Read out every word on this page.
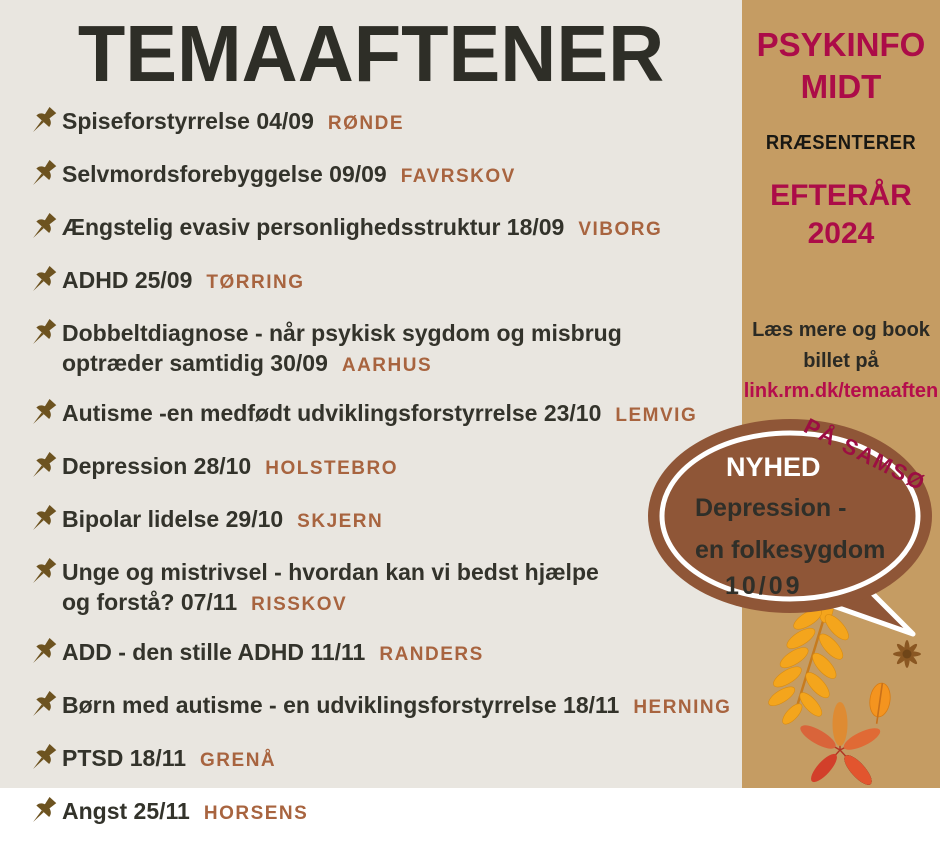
TEMAAFTENER
Spiseforstyrrelse 04/09 RØNDE
Selvmordsforebyggelse 09/09 FAVRSKOV
Ængstelig evasiv personlighedsstruktur 18/09 VIBORG
ADHD 25/09 TØRRING
Dobbeltdiagnose - når psykisk sygdom og misbrug
optræder samtidig 30/09 AARHUS
Autisme -en medfødt udviklingsforstyrrelse 23/10 LEMVIG
Depression 28/10 HOLSTEBRO
Bipolar lidelse 29/10 SKJERN
Unge og mistrivsel - hvordan kan vi bedst hjælpe
og forstå? 07/11 RISSKOV
ADD - den stille ADHD 11/11 RANDERS
Børn med autisme - en udviklingsforstyrrelse 18/11 HERNING
PTSD 18/11 GRENÅ
Angst 25/11 HORSENS
PSYKINFO
MIDT
RRÆSENTERER
EFTERÅR
2024
Læs mere og book
billet på
link.rm.dk/temaaften
NYHED
Depression -
en folkesygdom
10/09
PÅ SAMSØ
